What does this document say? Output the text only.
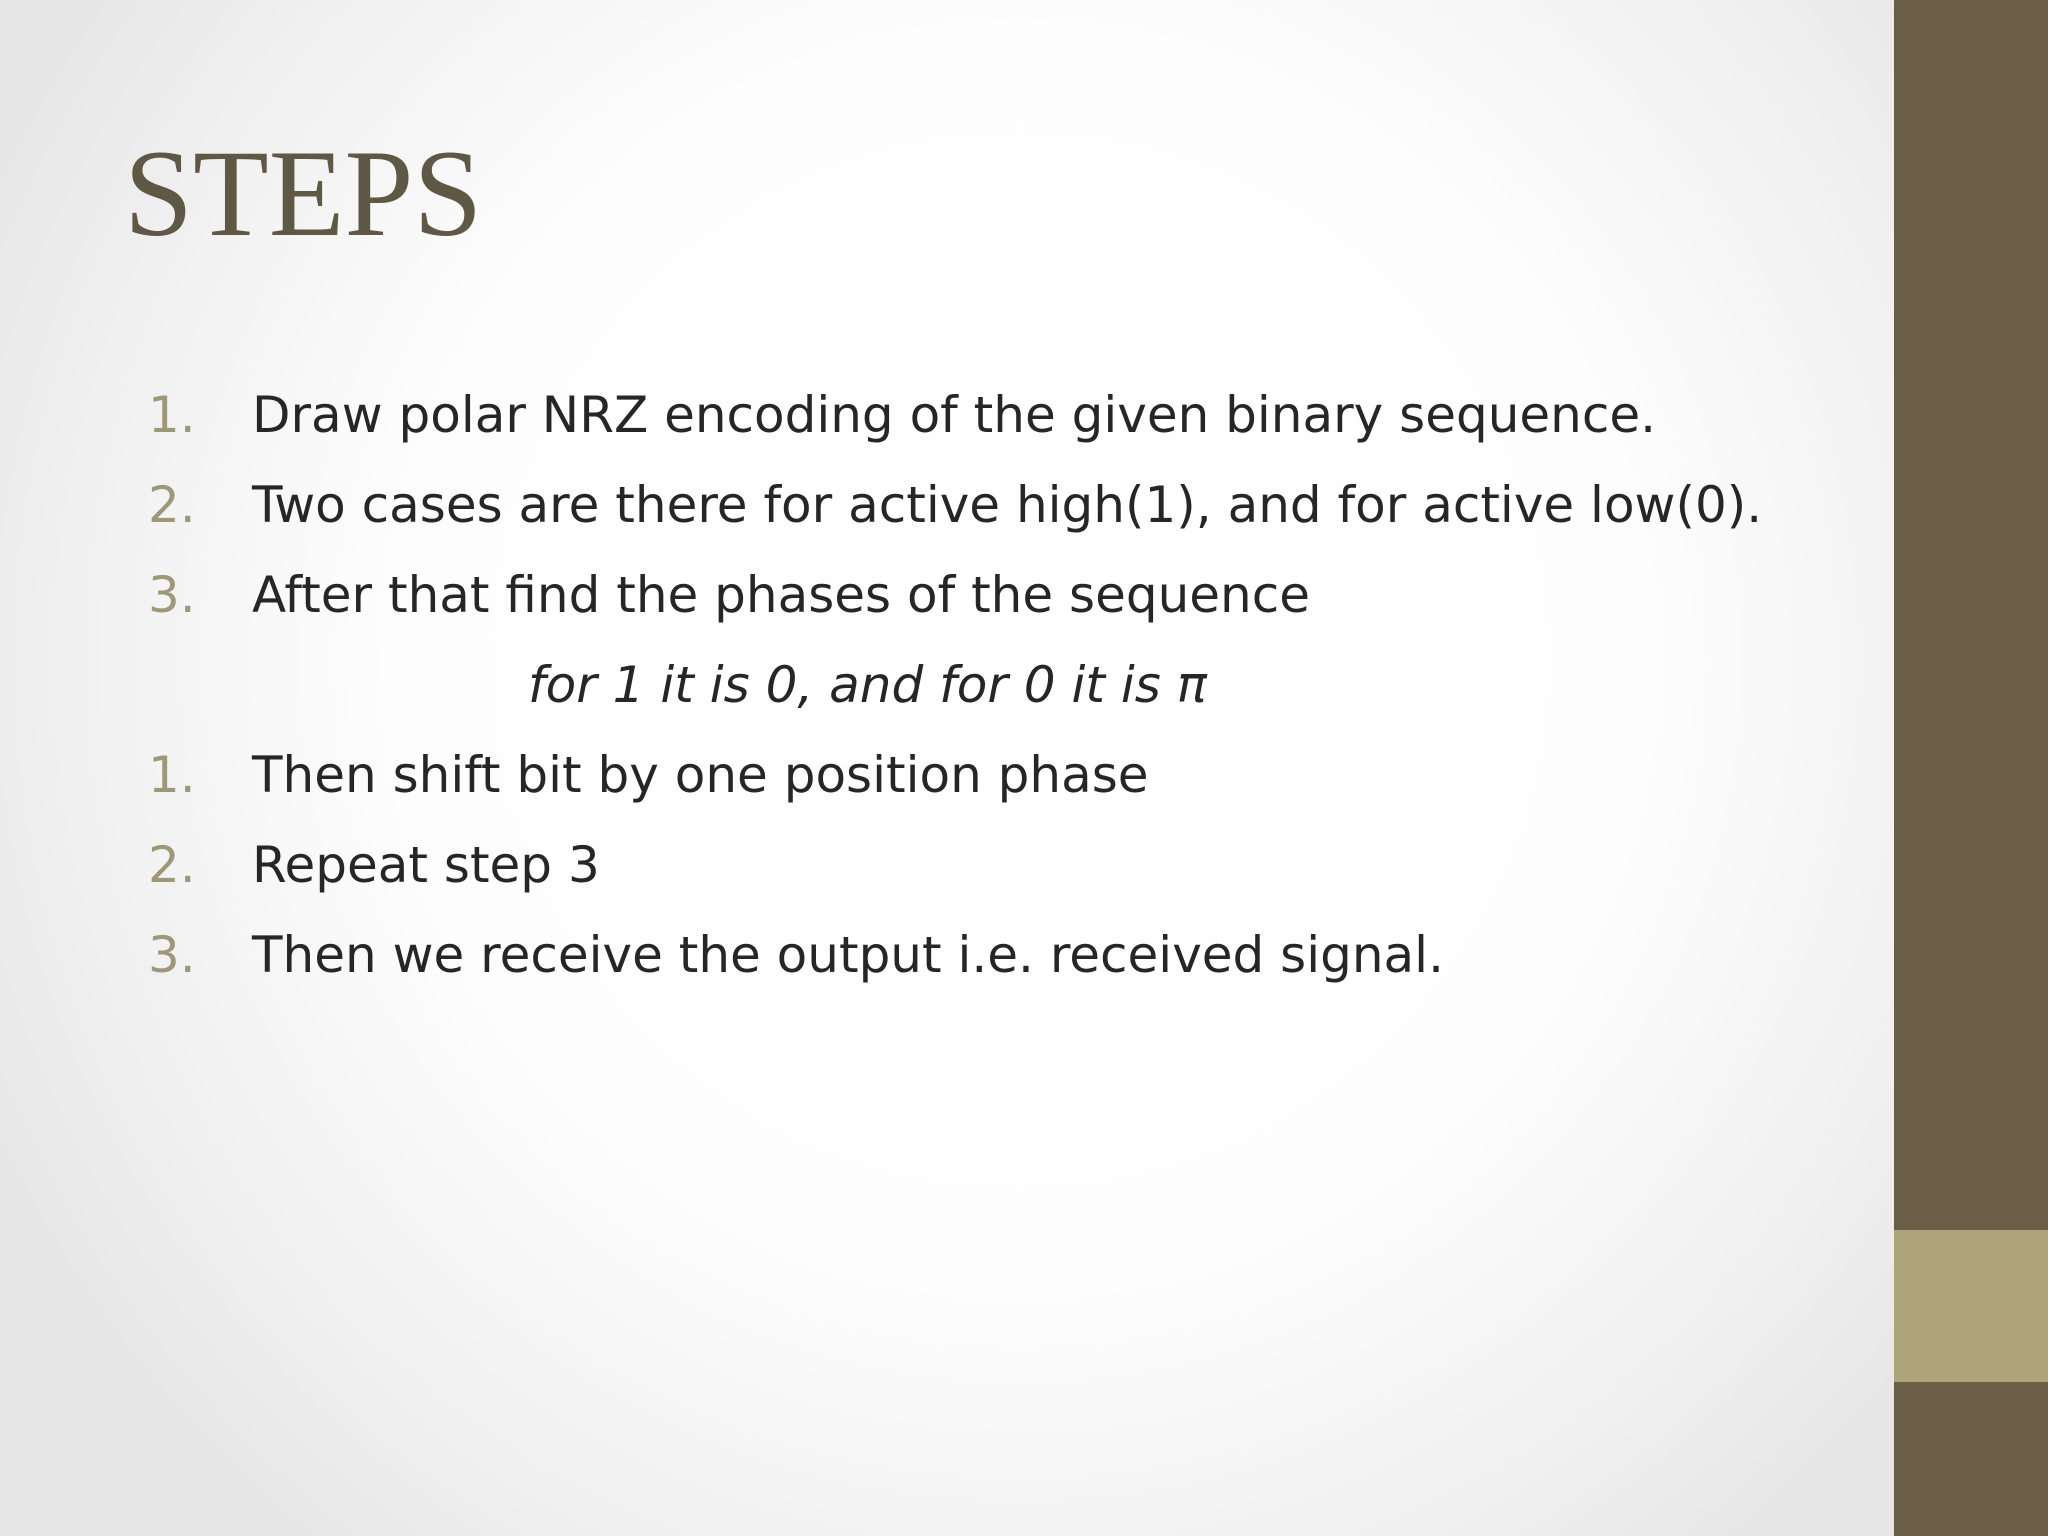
STEPS
1. Draw polar NRZ encoding of the given binary sequence.
2. Two cases are there for active high(1), and for active low(0).
3. After that find the phases of the sequence
for 1 it is 0, and for 0 it is π
1. Then shift bit by one position phase
2. Repeat step 3
3. Then we receive the output i.e. received signal.
